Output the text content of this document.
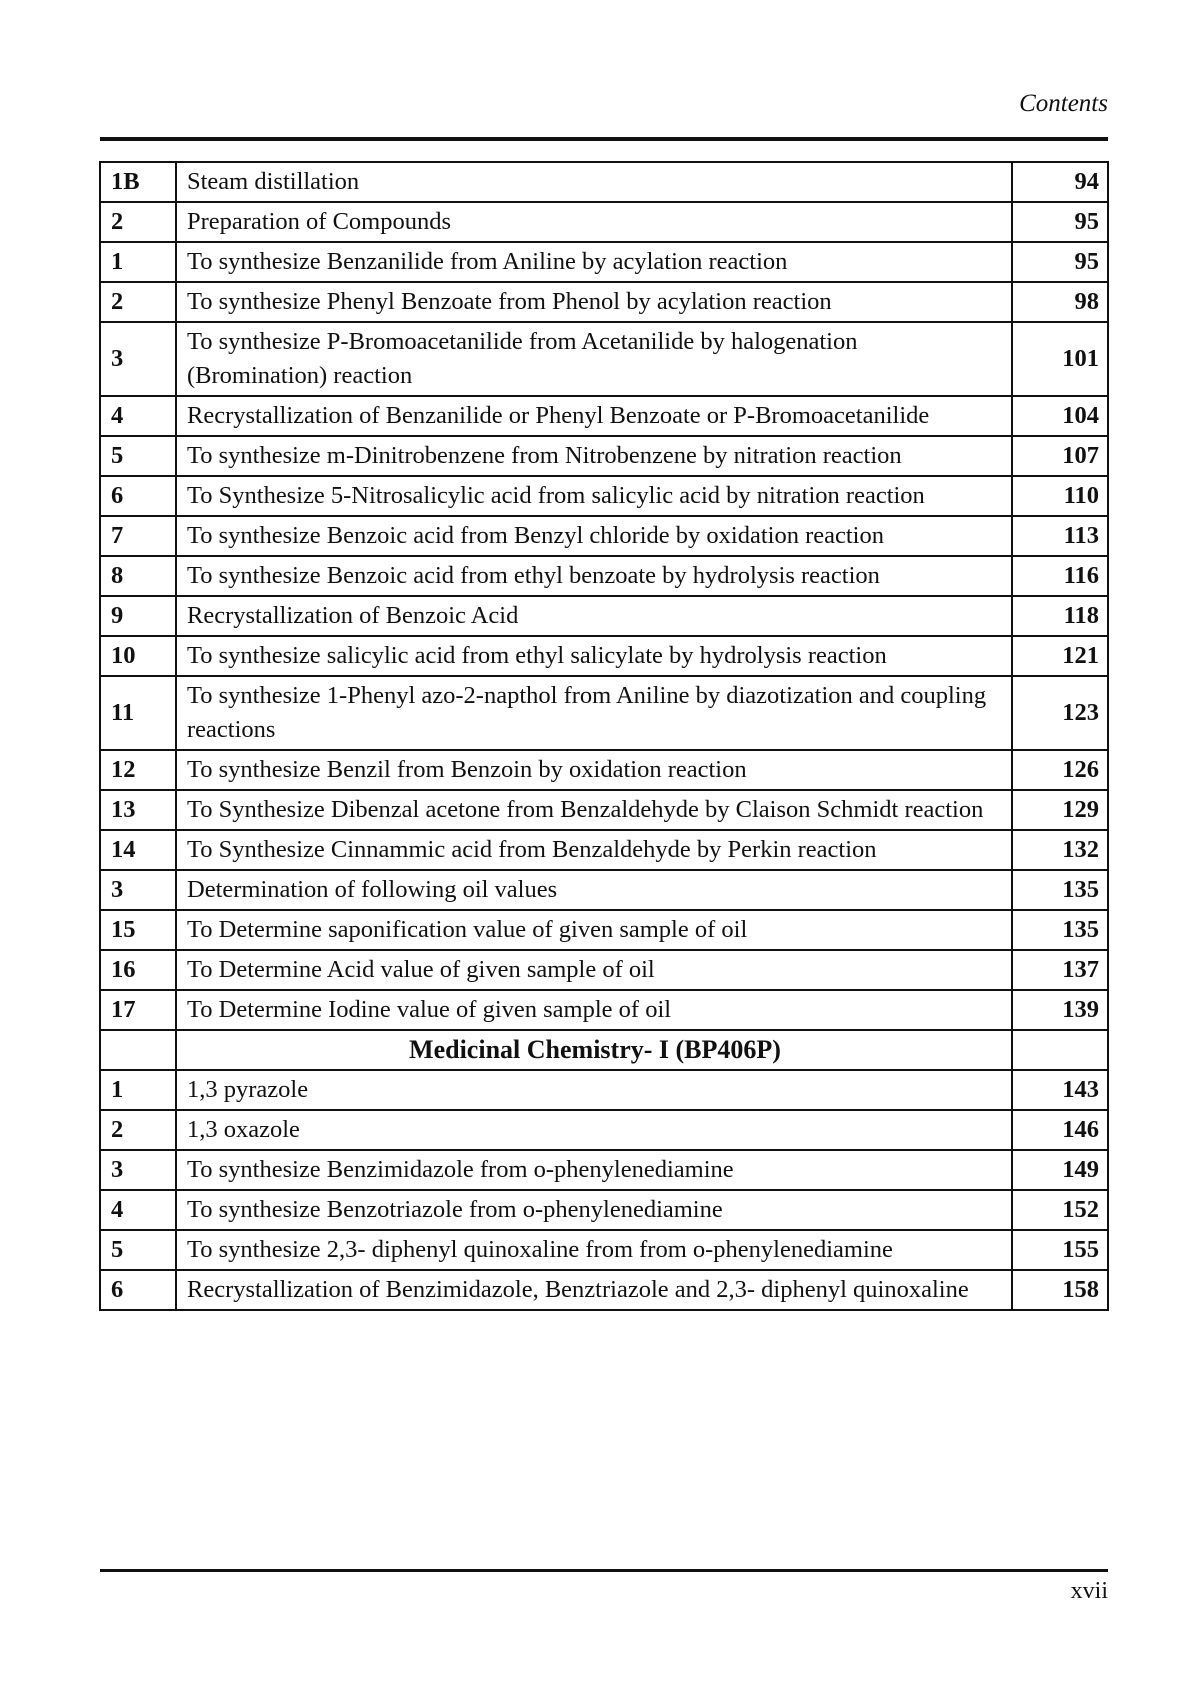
Contents
1B	Steam distillation	94
2	Preparation of Compounds	95
1	To synthesize Benzanilide from Aniline by acylation reaction	95
2	To synthesize Phenyl Benzoate from Phenol by acylation reaction	98
3	To synthesize P-Bromoacetanilide from Acetanilide by halogenation (Bromination) reaction	101
4	Recrystallization of Benzanilide or Phenyl Benzoate or P-Bromoacetanilide	104
5	To synthesize m-Dinitrobenzene from Nitrobenzene by nitration reaction	107
6	To Synthesize 5-Nitrosalicylic acid from salicylic acid by nitration reaction	110
7	To synthesize Benzoic acid from Benzyl chloride by oxidation reaction	113
8	To synthesize Benzoic acid from ethyl benzoate by hydrolysis reaction	116
9	Recrystallization of Benzoic Acid	118
10	To synthesize salicylic acid from ethyl salicylate by hydrolysis reaction	121
11	To synthesize 1-Phenyl azo-2-napthol from Aniline by diazotization and coupling reactions	123
12	To synthesize Benzil from Benzoin by oxidation reaction	126
13	To Synthesize Dibenzal acetone from Benzaldehyde by Claison Schmidt reaction	129
14	To Synthesize Cinnammic acid from Benzaldehyde by Perkin reaction	132
3	Determination of following oil values	135
15	To Determine saponification value of given sample of oil	135
16	To Determine Acid value of given sample of oil	137
17	To Determine Iodine value of given sample of oil	139
	Medicinal Chemistry- I (BP406P)	
1	1,3 pyrazole	143
2	1,3 oxazole	146
3	To synthesize Benzimidazole from o-phenylenediamine	149
4	To synthesize Benzotriazole from o-phenylenediamine	152
5	To synthesize 2,3- diphenyl quinoxaline from from o-phenylenediamine	155
6	Recrystallization of Benzimidazole, Benztriazole and 2,3- diphenyl quinoxaline	158
xvii
